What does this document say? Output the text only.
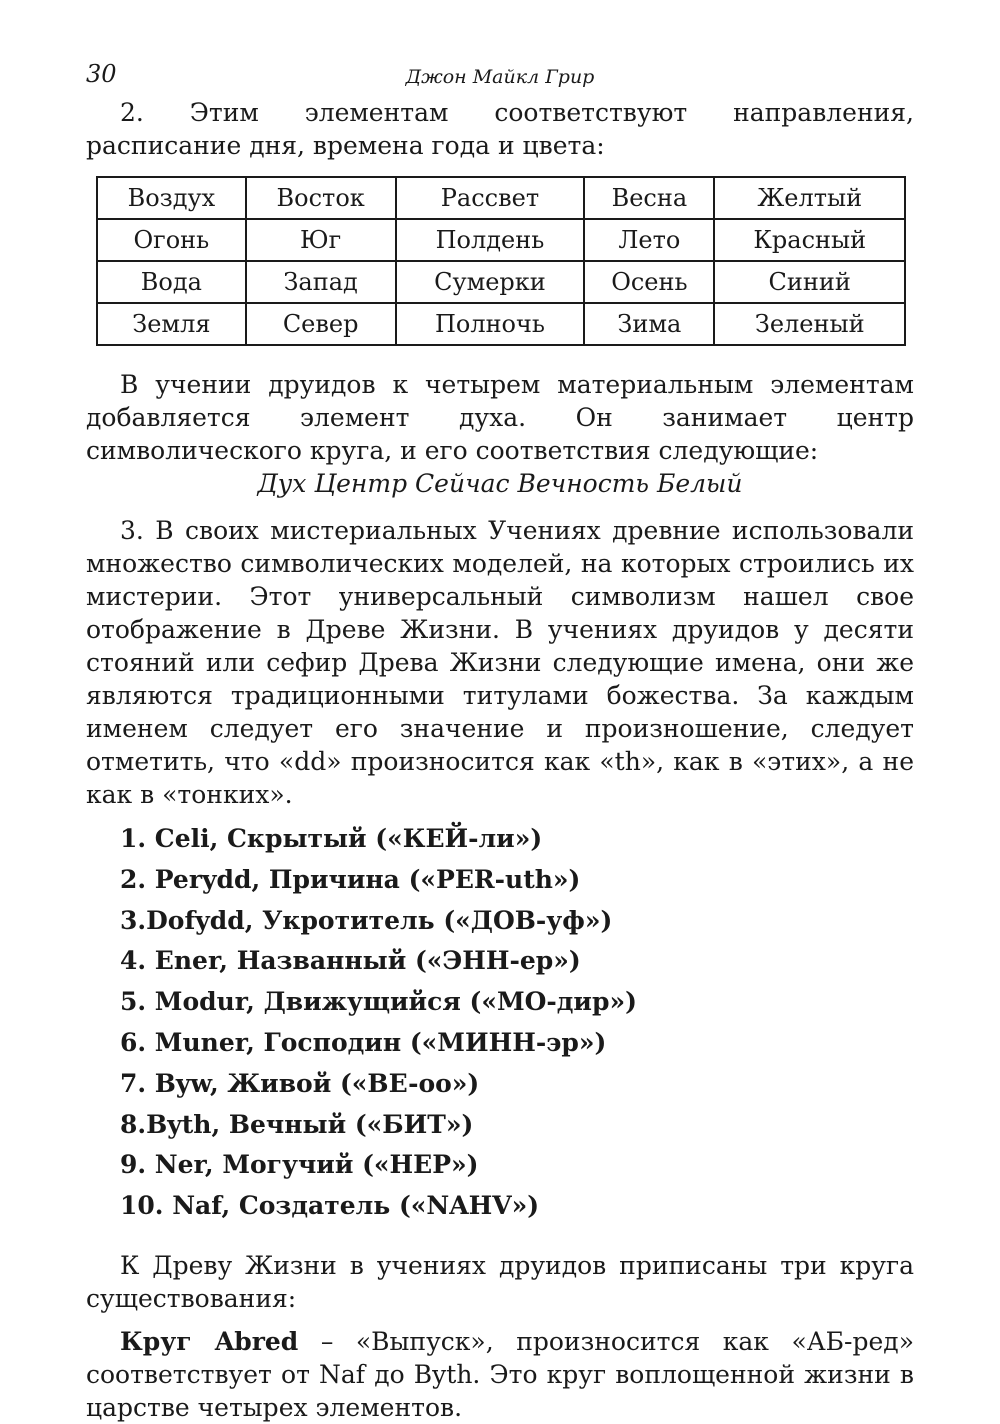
30	Джон Майкл Грир

2. Этим элементам соответствуют направления, расписание дня, времена года и цвета:

Воздух	Восток	Рассвет	Весна	Желтый
Огонь	Юг	Полдень	Лето	Красный
Вода	Запад	Сумерки	Осень	Синий
Земля	Север	Полночь	Зима	Зеленый

В учении друидов к четырем материальным элементам добавляется элемент духа. Он занимает центр символического круга, и его соответствия следующие:

Дух Центр Сейчас Вечность Белый

3. В своих мистериальных Учениях древние использовали множество символических моделей, на которых строились их мистерии. Этот универсальный символизм нашел свое отображение в Древе Жизни. В учениях друидов у десяти стояний или сефир Древа Жизни следующие имена, они же являются традиционными титулами божества. За каждым именем следует его значение и произношение, следует отметить, что «dd» произносится как «th», как в «этих», а не как в «тонких».

1. Celi, Скрытый («КЕЙ-ли»)
2. Perydd, Причина («PER-uth»)
3.Dofydd, Укротитель («ДОВ-уф»)
4. Ener, Названный («ЭНН-ер»)
5. Modur, Движущийся («МО-дир»)
6. Muner, Господин («МИНН-эр»)
7. Byw, Живой («BE-oo»)
8.Byth, Вечный («БИТ»)
9. Ner, Могучий («НЕР»)
10. Naf, Создатель («NAHV»)

К Древу Жизни в учениях друидов приписаны три круга существования:

Круг Abred – «Выпуск», произносится как «АБ-ред» соответствует от Naf до Byth. Это круг воплощенной жизни в царстве четырех элементов.
